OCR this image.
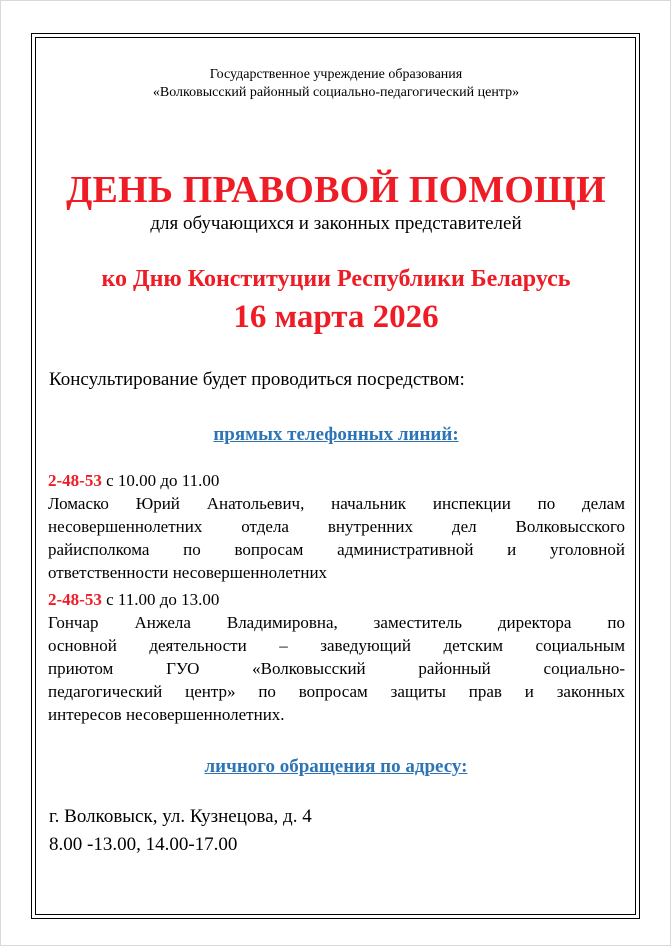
Государственное учреждение образования
«Волковысский районный социально-педагогический центр»
ДЕНЬ ПРАВОВОЙ ПОМОЩИ
для обучающихся и законных представителей
ко Дню Конституции Республики Беларусь
16 марта 2026
Консультирование будет проводиться посредством:
прямых телефонных линий:

2-48-53 с 10.00 до 11.00

Ломаско Юрий Анатольевич, начальник инспекции по делам
несовершеннолетних отдела внутренних дел Волковысского
райисполкома по вопросам административной и уголовной
ответственности несовершеннолетних

2-48-53 с 11.00 до 13.00

Гончар Анжела Владимировна, заместитель директора по
основной деятельности – заведующий детским социальным
приютом ГУО «Волковысский районный социально-
педагогический центр» по вопросам защиты прав и законных
интересов несовершеннолетних.
личного обращения по адресу:
г. Волковыск, ул. Кузнецова, д. 4
8.00 -13.00, 14.00-17.00
